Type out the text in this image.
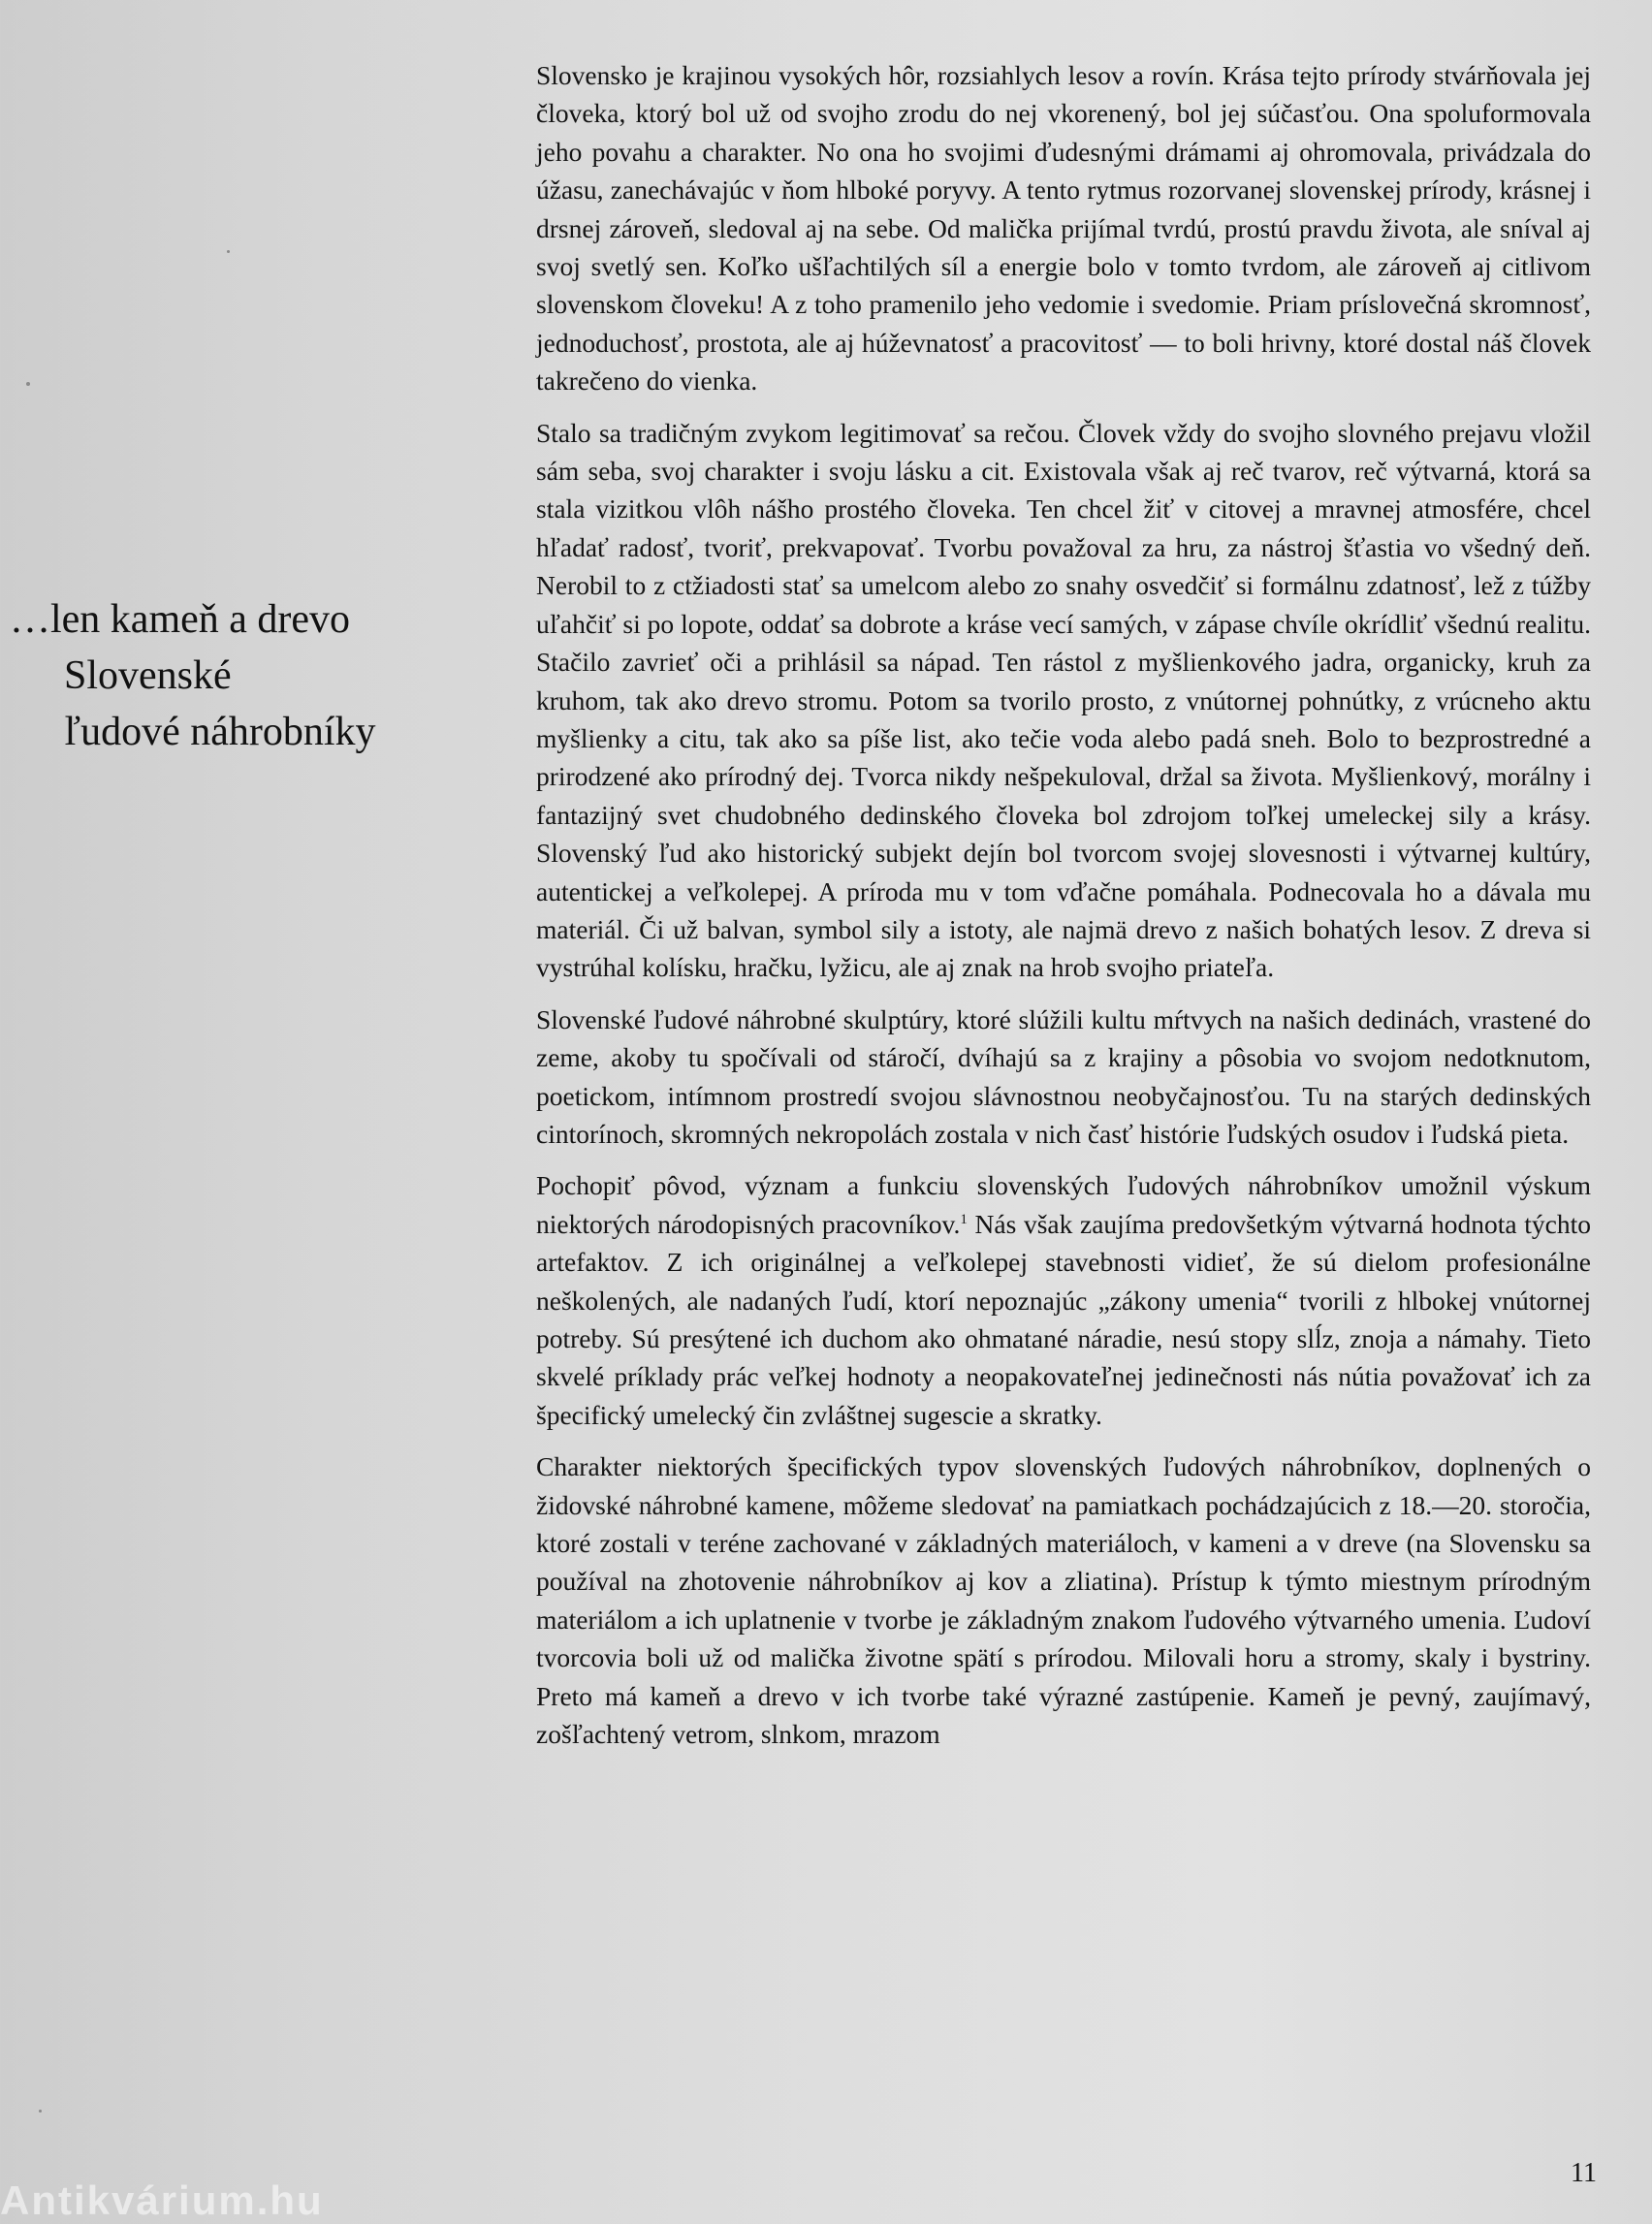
…len kameň a drevo
Slovenské
ľudové náhrobníky

Slovensko je krajinou vysokých hôr, rozsiahlych lesov a rovín. Krása tejto prírody stvárňovala jej človeka, ktorý bol už od svojho zrodu do nej vkorenený, bol jej súčasťou. Ona spoluformovala jeho povahu a charakter. No ona ho svojimi ďudesnými drámami aj ohromovala, privádzala do úžasu, zanechávajúc v ňom hlboké poryvy. A tento rytmus rozorvanej slovenskej prírody, krásnej i drsnej zároveň, sledoval aj na sebe. Od malička prijímal tvrdú, prostú pravdu života, ale sníval aj svoj svetlý sen. Koľko ušľachtilých síl a energie bolo v tomto tvrdom, ale zároveň aj citlivom slovenskom človeku! A z toho pramenilo jeho vedomie i svedomie. Priam príslovečná skromnosť, jednoduchosť, prostota, ale aj húževnatosť a pracovitosť — to boli hrivny, ktoré dostal náš človek takrečeno do vienka.

Stalo sa tradičným zvykom legitimovať sa rečou. Človek vždy do svojho slovného prejavu vložil sám seba, svoj charakter i svoju lásku a cit. Existovala však aj reč tvarov, reč výtvarná, ktorá sa stala vizitkou vlôh nášho prostého človeka. Ten chcel žiť v citovej a mravnej atmosfére, chcel hľadať radosť, tvoriť, prekvapovať. Tvorbu považoval za hru, za nástroj šťastia vo všedný deň. Nerobil to z ctžiadosti stať sa umelcom alebo zo snahy osvedčiť si formálnu zdatnosť, lež z túžby uľahčiť si po lopote, oddať sa dobrote a kráse vecí samých, v zápase chvíle okrídliť všednú realitu. Stačilo zavrieť oči a prihlásil sa nápad. Ten rástol z myšlienkového jadra, organicky, kruh za kruhom, tak ako drevo stromu. Potom sa tvorilo prosto, z vnútornej pohnútky, z vrúcneho aktu myšlienky a citu, tak ako sa píše list, ako tečie voda alebo padá sneh. Bolo to bezprostredné a prirodzené ako prírodný dej. Tvorca nikdy nešpekuloval, držal sa života. Myšlienkový, morálny i fantazijný svet chudobného dedinského človeka bol zdrojom toľkej umeleckej sily a krásy. Slovenský ľud ako historický subjekt dejín bol tvorcom svojej slovesnosti i výtvarnej kultúry, autentickej a veľkolepej. A príroda mu v tom vďačne pomáhala. Podnecovala ho a dávala mu materiál. Či už balvan, symbol sily a istoty, ale najmä drevo z našich bohatých lesov. Z dreva si vystrúhal kolísku, hračku, lyžicu, ale aj znak na hrob svojho priateľa.

Slovenské ľudové náhrobné skulptúry, ktoré slúžili kultu mŕtvych na našich dedinách, vrastené do zeme, akoby tu spočívali od stáročí, dvíhajú sa z krajiny a pôsobia vo svojom nedotknutom, poetickom, intímnom prostredí svojou slávnostnou neobyčajnosťou. Tu na starých dedinských cintorínoch, skromných nekropolách zostala v nich časť histórie ľudských osudov i ľudská pieta.

Pochopiť pôvod, význam a funkciu slovenských ľudových náhrobníkov umožnil výskum niektorých národopisných pracovníkov.$^1$ Nás však zaujíma predovšetkým výtvarná hodnota týchto artefaktov. Z ich originálnej a veľkolepej stavebnosti vidieť, že sú dielom profesionálne neškolených, ale nadaných ľudí, ktorí nepoznajúc „zákony umenia“ tvorili z hlbokej vnútornej potreby. Sú presýtené ich duchom ako ohmatané náradie, nesú stopy slĺz, znoja a námahy. Tieto skvelé príklady prác veľkej hodnoty a neopakovateľnej jedinečnosti nás nútia považovať ich za špecifický umelecký čin zvláštnej sugescie a skratky.

Charakter niektorých špecifických typov slovenských ľudových náhrobníkov, doplnených o židovské náhrobné kamene, môžeme sledovať na pamiatkach pochádzajúcich z 18.—20. storočia, ktoré zostali v teréne zachované v základných materiáloch, v kameni a v dreve (na Slovensku sa používal na zhotovenie náhrobníkov aj kov a zliatina). Prístup k týmto miestnym prírodným materiálom a ich uplatnenie v tvorbe je základným znakom ľudového výtvarného umenia. Ľudoví tvorcovia boli už od malička životne spätí s prírodou. Milovali horu a stromy, skaly i bystriny. Preto má kameň a drevo v ich tvorbe také výrazné zastúpenie. Kameň je pevný, zaujímavý, zošľachtený vetrom, slnkom, mrazom

11
Antikvárium.hu
